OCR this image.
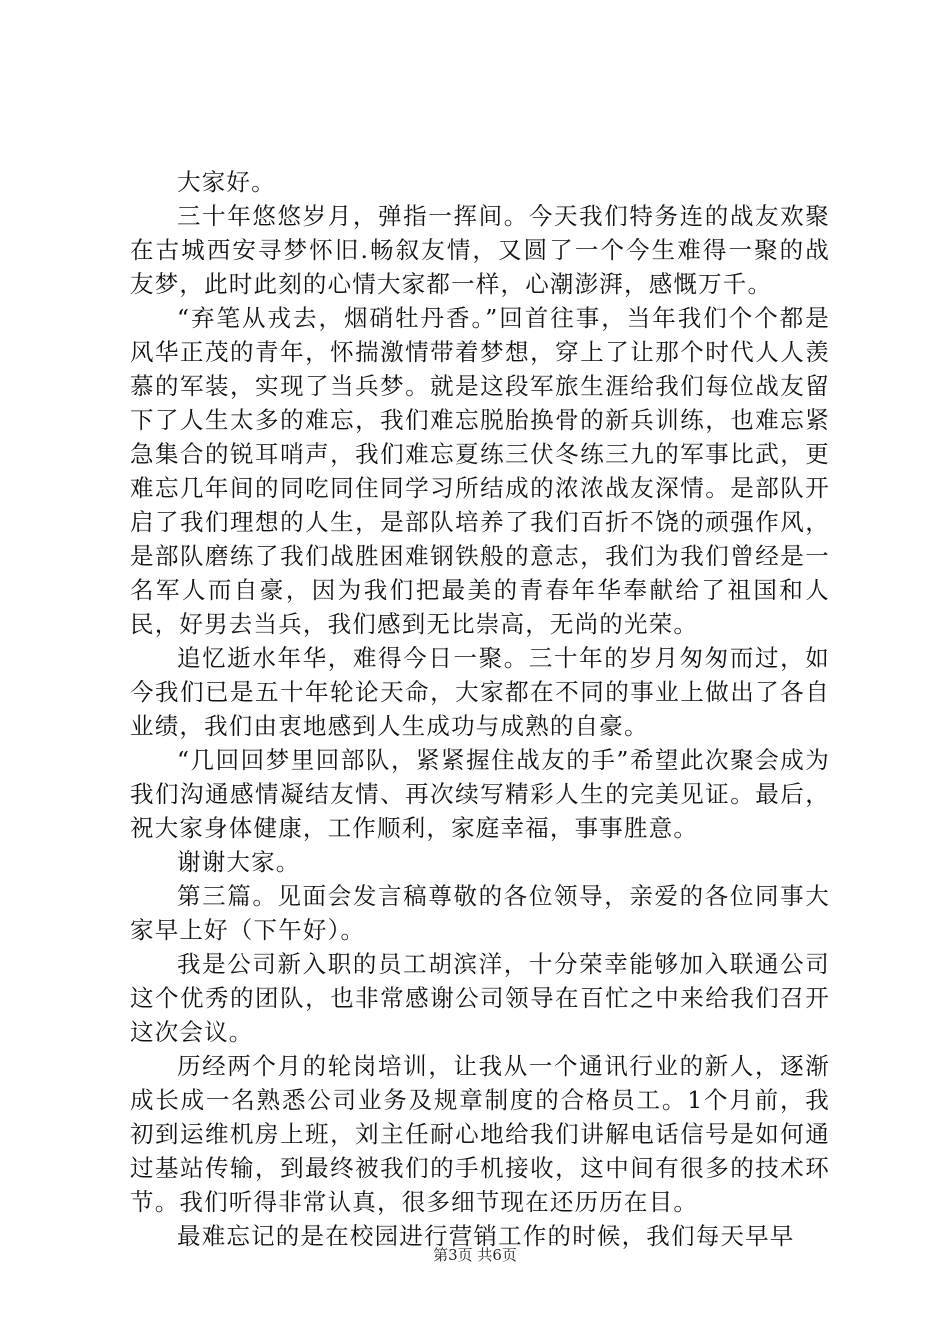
大家好。

三十年悠悠岁月，弹指一挥间。今天我们特务连的战友欢聚在古城西安寻梦怀旧.畅叙友情，又圆了一个今生难得一聚的战友梦，此时此刻的心情大家都一样，心潮澎湃，感慨万千。

“弃笔从戎去，烟硝牡丹香。”回首往事，当年我们个个都是风华正茂的青年，怀揣激情带着梦想，穿上了让那个时代人人羡慕的军装，实现了当兵梦。就是这段军旅生涯给我们每位战友留下了人生太多的难忘，我们难忘脱胎换骨的新兵训练，也难忘紧急集合的锐耳哨声，我们难忘夏练三伏冬练三九的军事比武，更难忘几年间的同吃同住同学习所结成的浓浓战友深情。是部队开启了我们理想的人生，是部队培养了我们百折不饶的顽强作风，是部队磨练了我们战胜困难钢铁般的意志，我们为我们曾经是一名军人而自豪，因为我们把最美的青春年华奉献给了祖国和人民，好男去当兵，我们感到无比崇高，无尚的光荣。

追忆逝水年华，难得今日一聚。三十年的岁月匆匆而过，如今我们已是五十年轮论天命，大家都在不同的事业上做出了各自业绩，我们由衷地感到人生成功与成熟的自豪。

“几回回梦里回部队，紧紧握住战友的手”希望此次聚会成为我们沟通感情凝结友情、再次续写精彩人生的完美见证。最后，祝大家身体健康，工作顺利，家庭幸福，事事胜意。

谢谢大家。

第三篇。见面会发言稿尊敬的各位领导，亲爱的各位同事大家早上好（下午好）。

我是公司新入职的员工胡滨洋，十分荣幸能够加入联通公司这个优秀的团队，也非常感谢公司领导在百忙之中来给我们召开这次会议。

历经两个月的轮岗培训，让我从一个通讯行业的新人，逐渐成长成一名熟悉公司业务及规章制度的合格员工。1个月前，我初到运维机房上班，刘主任耐心地给我们讲解电话信号是如何通过基站传输，到最终被我们的手机接收，这中间有很多的技术环节。我们听得非常认真，很多细节现在还历历在目。

最难忘记的是在校园进行营销工作的时候，我们每天早早

第3页 共6页
